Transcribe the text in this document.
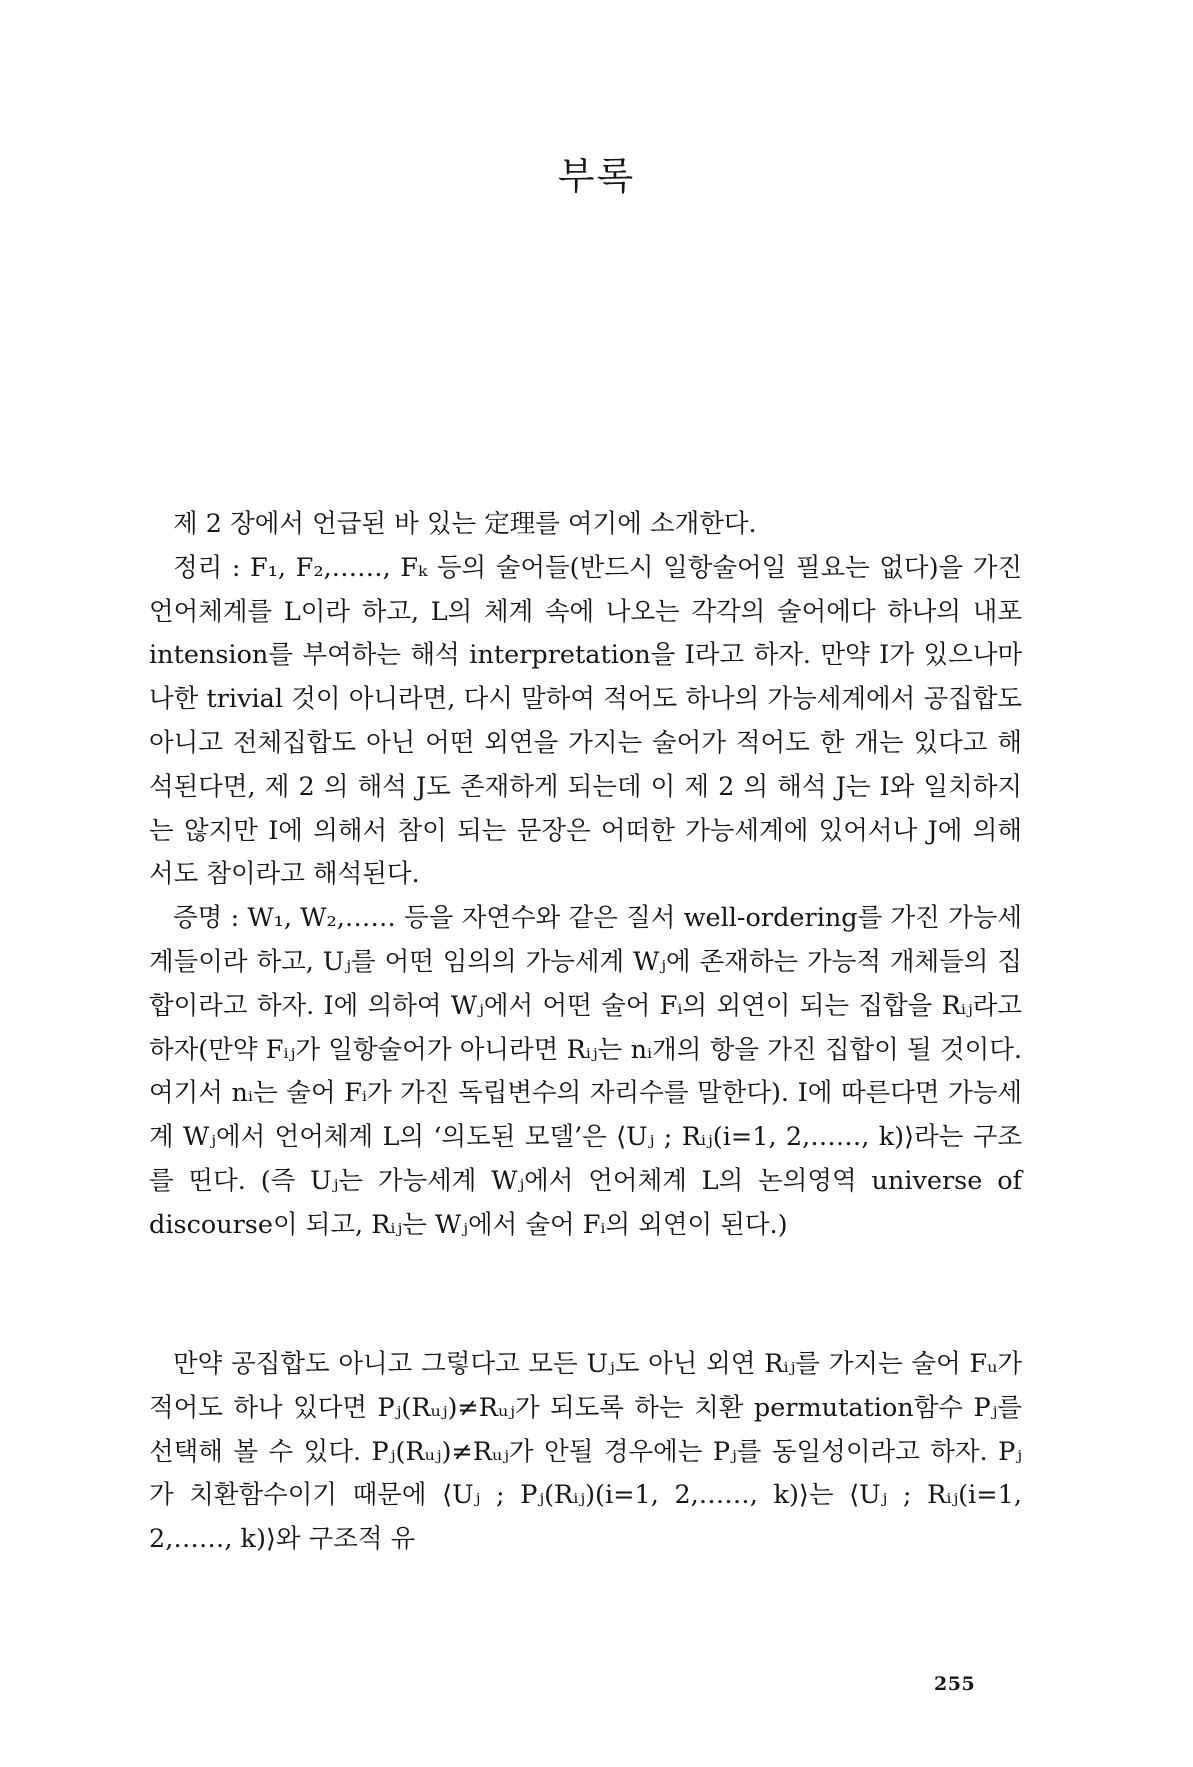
부록

제 2 장에서 언급된 바 있는 定理를 여기에 소개한다.

정리 : F₁, F₂,……, Fₖ 등의 술어들(반드시 일항술어일 필요는 없다)을 가진 언어체계를 L이라 하고, L의 체계 속에 나오는 각각의 술어에다 하나의 내포 intension를 부여하는 해석 interpretation을 I라고 하자. 만약 I가 있으나마나한 trivial 것이 아니라면, 다시 말하여 적어도 하나의 가능세계에서 공집합도 아니고 전체집합도 아닌 어떤 외연을 가지는 술어가 적어도 한 개는 있다고 해석된다면, 제 2 의 해석 J도 존재하게 되는데 이 제 2 의 해석 J는 I와 일치하지는 않지만 I에 의해서 참이 되는 문장은 어떠한 가능세계에 있어서나 J에 의해서도 참이라고 해석된다.

증명 : W₁, W₂,…… 등을 자연수와 같은 질서 well-ordering를 가진 가능세계들이라 하고, Uⱼ를 어떤 임의의 가능세계 Wⱼ에 존재하는 가능적 개체들의 집합이라고 하자. I에 의하여 Wⱼ에서 어떤 술어 Fᵢ의 외연이 되는 집합을 Rᵢⱼ라고 하자(만약 Fᵢⱼ가 일항술어가 아니라면 Rᵢⱼ는 nᵢ개의 항을 가진 집합이 될 것이다. 여기서 nᵢ는 술어 Fᵢ가 가진 독립변수의 자리수를 말한다). I에 따른다면 가능세계 Wⱼ에서 언어체계 L의 ‘의도된 모델’은 ⟨Uⱼ ; Rᵢⱼ(i=1, 2,……, k)⟩라는 구조를 띤다. (즉 Uⱼ는 가능세계 Wⱼ에서 언어체계 L의 논의영역 universe of discourse이 되고, Rᵢⱼ는 Wⱼ에서 술어 Fᵢ의 외연이 된다.)

만약 공집합도 아니고 그렇다고 모든 Uⱼ도 아닌 외연 Rᵢⱼ를 가지는 술어 Fᵤ가 적어도 하나 있다면 Pⱼ(Rᵤⱼ)≠Rᵤⱼ가 되도록 하는 치환 permutation함수 Pⱼ를 선택해 볼 수 있다. Pⱼ(Rᵤⱼ)≠Rᵤⱼ가 안될 경우에는 Pⱼ를 동일성이라고 하자. Pⱼ가 치환함수이기 때문에 ⟨Uⱼ ; Pⱼ(Rᵢⱼ)(i=1, 2,……, k)⟩는 ⟨Uⱼ ; Rᵢⱼ(i=1, 2,……, k)⟩와 구조적 유

255
